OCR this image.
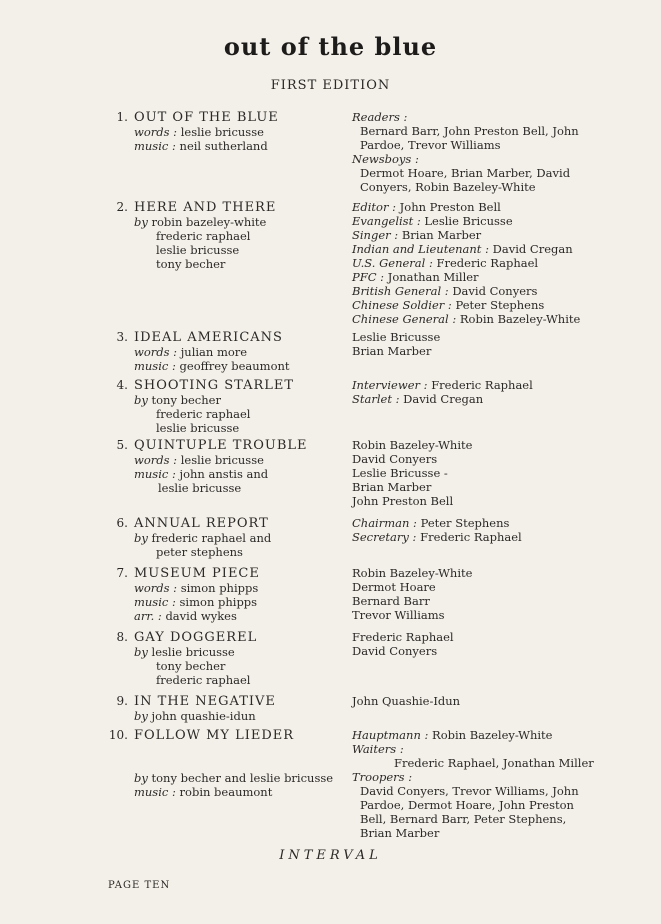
out of the blue
FIRST EDITION
1. OUT OF THE BLUE
words : leslie bricusse
music : neil sutherland
Readers :
Bernard Barr, John Preston Bell, John
Pardoe, Trevor Williams
Newsboys :
Dermot Hoare, Brian Marber, David
Conyers, Robin Bazeley-White
2. HERE AND THERE
by robin bazeley-white
frederic raphael
leslie bricusse
tony becher
Editor : John Preston Bell
Evangelist : Leslie Bricusse
Singer : Brian Marber
Indian and Lieutenant : David Cregan
U.S. General : Frederic Raphael
PFC : Jonathan Miller
British General : David Conyers
Chinese Soldier : Peter Stephens
Chinese General : Robin Bazeley-White
3. IDEAL AMERICANS
words : julian more
music : geoffrey beaumont
Leslie Bricusse
Brian Marber
4. SHOOTING STARLET
by tony becher
frederic raphael
leslie bricusse
Interviewer : Frederic Raphael
Starlet : David Cregan
5. QUINTUPLE TROUBLE
words : leslie bricusse
music : john anstis and
leslie bricusse
Robin Bazeley-White
David Conyers
Leslie Bricusse -
Brian Marber
John Preston Bell
6. ANNUAL REPORT
by frederic raphael and
peter stephens
Chairman : Peter Stephens
Secretary : Frederic Raphael
7. MUSEUM PIECE
words : simon phipps
music : simon phipps
arr. : david wykes
Robin Bazeley-White
Dermot Hoare
Bernard Barr
Trevor Williams
8. GAY DOGGEREL
by leslie bricusse
tony becher
frederic raphael
Frederic Raphael
David Conyers
9. IN THE NEGATIVE
by john quashie-idun
John Quashie-Idun
10. FOLLOW MY LIEDER

by tony becher and leslie bricusse
music : robin beaumont
Hauptmann : Robin Bazeley-White
Waiters :
Frederic Raphael, Jonathan Miller
Troopers :
David Conyers, Trevor Williams, John
Pardoe, Dermot Hoare, John Preston
Bell, Bernard Barr, Peter Stephens,
Brian Marber
INTERVAL
PAGE TEN
